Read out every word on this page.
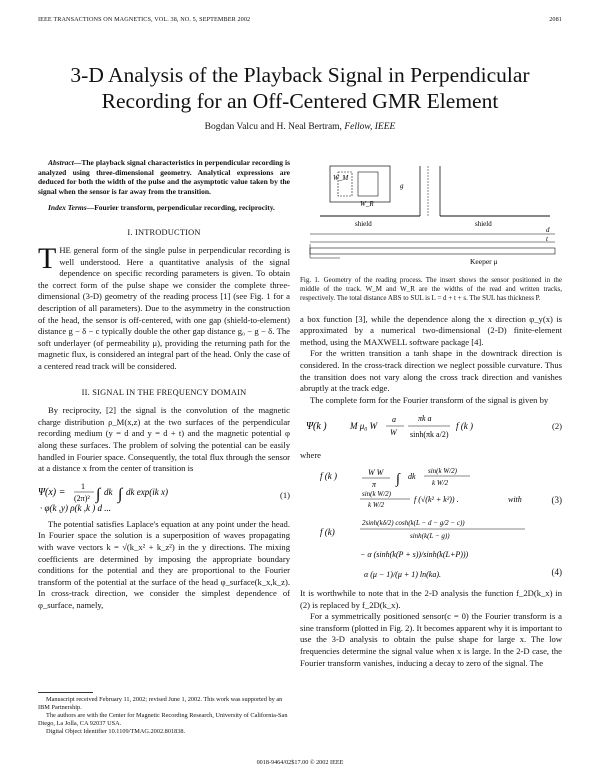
IEEE TRANSACTIONS ON MAGNETICS, VOL. 38, NO. 5, SEPTEMBER 2002	2081
3-D Analysis of the Playback Signal in Perpendicular
Recording for an Off-Centered GMR Element
Bogdan Valcu and H. Neal Bertram, Fellow, IEEE

Abstract—The playback signal characteristics in perpendicular recording is analyzed using three-dimensional geometry. Analytical expressions are deduced for both the width of the pulse and the asymptotic value taken by the signal when the sensor is far away from the transition.

Index Terms—Fourier transform, perpendicular recording, reciprocity.

I. INTRODUCTION

THE general form of the single pulse in perpendicular recording is well understood. Here a quantitative analysis of the signal dependence on specific recording parameters is given. To obtain the correct form of the pulse shape we consider the complete three-dimensional (3-D) geometry of the reading process [1] (see Fig. 1 for a description of all parameters). Due to the asymmetry in the construction of the head, the sensor is off-centered, with one gap (shield-to-element) distance g − δ − c typically double the other gap distance g₀ − g − δ. The soft underlayer (of permeability μ), providing the returning path for the magnetic flux, is considered an integral part of the head. Only the case of a centered read track will be considered.

II. SIGNAL IN THE FREQUENCY DOMAIN

By reciprocity, [2] the signal is the convolution of the magnetic charge distribution ρ_M(x,z) at the two surfaces of the perpendicular recording medium (y = d and y = d + t) and the magnetic potential φ along these surfaces. The problem of solving the potential can be easily handled in Fourier space. Consequently, the total flux through the sensor at a distance x from the center of transition is

Ψ(x) =
1
(2π)² ∫ dk ∫ dk exp(ik x)
· φ(k ,y) ρ(k ,k ) d ...
(1)

The potential satisfies Laplace's equation at any point under the head. In Fourier space the solution is a superposition of waves propagating with wave vectors k = √(k_x² + k_z²) in the y directions. The mixing coefficients are determined by imposing the appropriate boundary conditions for the potential and they are proportional to the Fourier transform of the potential at the surface of the head φ_surface(k_x,k_z). In cross-track direction, we consider the simplest dependence of φ_surface, namely,

Manuscript received February 11, 2002; revised June 1, 2002. This work was supported by an IBM Partnership.

The authors are with the Center for Magnetic Recording Research, University of California-San Diego, La Jolla, CA 92037 USA.

Digital Object Identifier 10.1109/TMAG.2002.801838.

W_M
W_R
shield	shield
g
d
t
Keeper μ
Fig. 1. Geometry of the reading process. The insert shows the sensor positioned in the middle of the track. W_M and W_R are the widths of the read and written tracks, respectively. The total distance ABS to SUL is L = d + t + s. The SUL has thickness P.

a box function [3], while the dependence along the x direction φ_y(x) is approximated by a numerical two-dimensional (2-D) finite-element method, using the MAXWELL software package [4].

For the written transition a tanh shape in the downtrack direction is considered. In the cross-track direction we neglect possible curvature. Thus the transition does not vary along the cross track direction and vanishes abruptly at the track edge.

The complete form for the Fourier transform of the signal is given by

Ψ(k )	M μ₀ W
a
W
πk a
sinh(πk a/2)
f (k )	(2)

where

f (k )	W W
π ∫ dk
sin(k W/2)
k W/2
sin(k W/2)
k W/2
f (√(k² + k²)) .	with
f (k)
2sinh(kδ/2) cosh(k(L − d − g/2 − c))
sinh(k(L − g))
− α (sinh(k(P + s))/sinh(k(L+P)))
α (μ − 1)/(μ + 1) ln(ka).
(3)
(4)

It is worthwhile to note that in the 2-D analysis the function f_2D(k_x) in (2) is replaced by f_2D(k_x).

For a symmetrically positioned sensor(c = 0) the Fourier transform is a sine transform (plotted in Fig. 2). It becomes apparent why it is important to use the 3-D analysis to obtain the pulse shape for large x. The low frequencies determine the signal value when x is large. In the 2-D case, the Fourier transform vanishes, inducing a decay to zero of the signal. The

0018-9464/02$17.00 © 2002 IEEE
